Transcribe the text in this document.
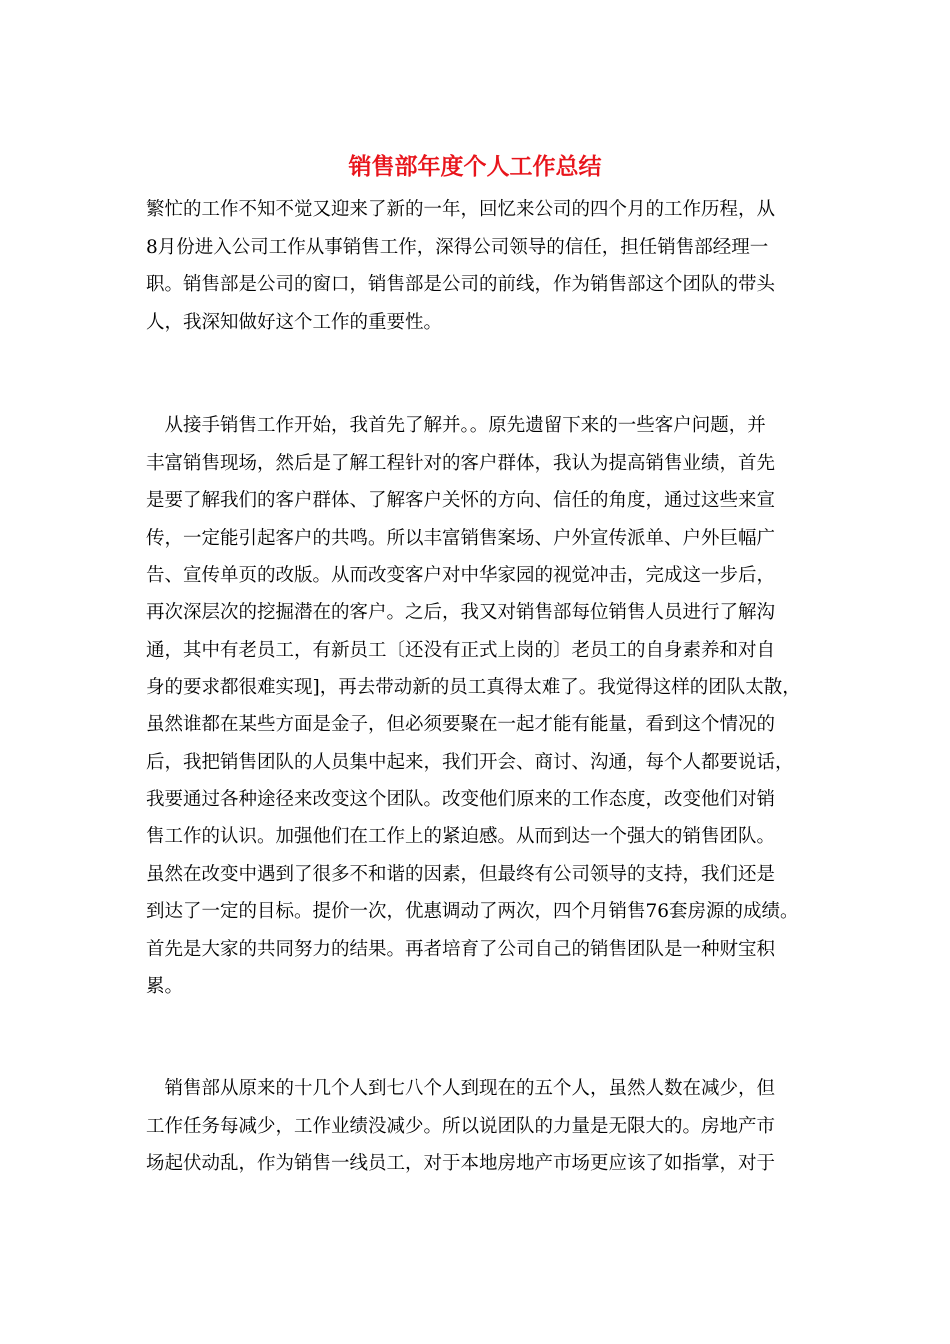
销售部年度个人工作总结

繁忙的工作不知不觉又迎来了新的一年，回忆来公司的四个月的工作历程，从

8月份进入公司工作从事销售工作，深得公司领导的信任，担任销售部经理一

职。销售部是公司的窗口，销售部是公司的前线，作为销售部这个团队的带头

人，我深知做好这个工作的重要性。

　从接手销售工作开始，我首先了解并。。原先遗留下来的一些客户问题，并

丰富销售现场，然后是了解工程针对的客户群体，我认为提高销售业绩，首先

是要了解我们的客户群体、了解客户关怀的方向、信任的角度，通过这些来宣

传，一定能引起客户的共鸣。所以丰富销售案场、户外宣传派单、户外巨幅广

告、宣传单页的改版。从而改变客户对中华家园的视觉冲击，完成这一步后，

再次深层次的挖掘潜在的客户。之后，我又对销售部每位销售人员进行了解沟

通，其中有老员工，有新员工〔还没有正式上岗的〕老员工的自身素养和对自

身的要求都很难实现]，再去带动新的员工真得太难了。我觉得这样的团队太散，

虽然谁都在某些方面是金子，但必须要聚在一起才能有能量，看到这个情况的

后，我把销售团队的人员集中起来，我们开会、商讨、沟通，每个人都要说话，

我要通过各种途径来改变这个团队。改变他们原来的工作态度，改变他们对销

售工作的认识。加强他们在工作上的紧迫感。从而到达一个强大的销售团队。

虽然在改变中遇到了很多不和谐的因素，但最终有公司领导的支持，我们还是

到达了一定的目标。提价一次，优惠调动了两次，四个月销售76套房源的成绩。

首先是大家的共同努力的结果。再者培育了公司自己的销售团队是一种财宝积

累。

　销售部从原来的十几个人到七八个人到现在的五个人，虽然人数在减少，但

工作任务每减少，工作业绩没减少。所以说团队的力量是无限大的。房地产市

场起伏动乱，作为销售一线员工，对于本地房地产市场更应该了如指掌，对于
